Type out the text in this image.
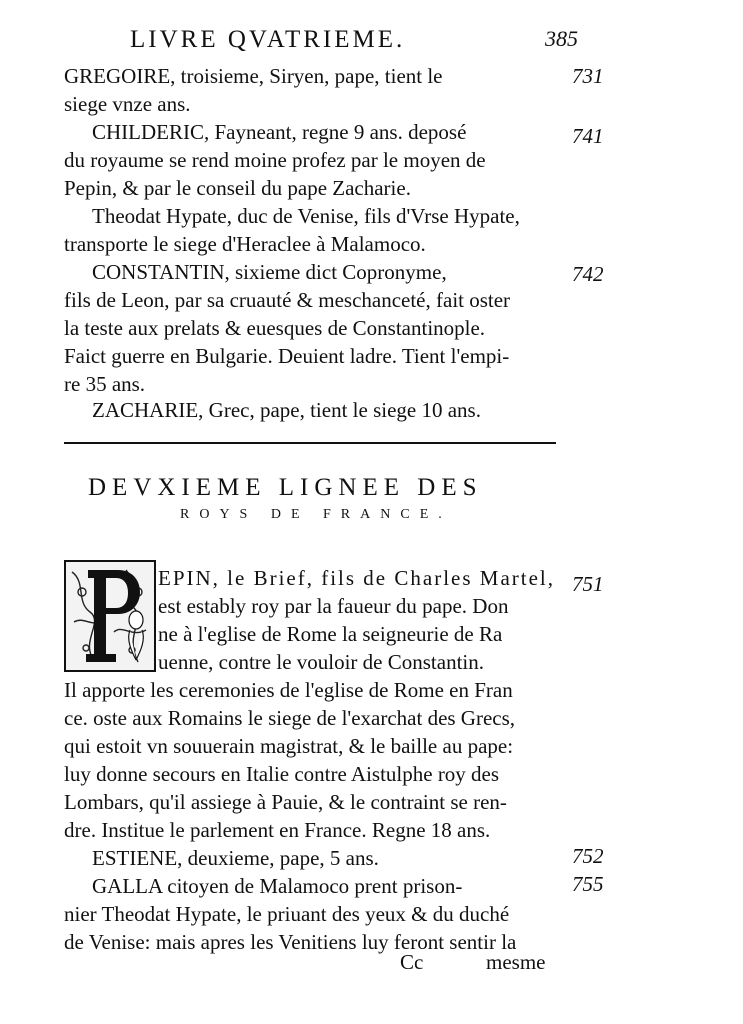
LIVRE QVATRIEME.	385
GREGOIRE, troisieme, Siryen, pape, tient le	731
siege vnze ans.
CHILDERIC, Fayneant, regne 9 ans. deposé	741
du royaume se rend moine profez par le moyen de
Pepin, & par le conseil du pape Zacharie.
Theodat Hypate, duc de Venise, fils d'Vrse Hypate,
transporte le siege d'Heraclee à Malamoco.
CONSTANTIN, sixieme dict Copronyme,	742
fils de Leon, par sa cruauté & meschanceté, fait oster
la teste aux prelats & euesques de Constantinople.
Faict guerre en Bulgarie. Deuient ladre. Tient l'empi-
re 35 ans.
ZACHARIE, Grec, pape, tient le siege 10 ans.
DEVXIEME LIGNEE DES
ROYS DE FRANCE.
EPIN, le Brief, fils de Charles Martel, 751
est estably roy par la faueur du pape. Don
ne à l'eglise de Rome la seigneurie de Ra
uenne, contre le vouloir de Constantin.
Il apporte les ceremonies de l'eglise de Rome en Fran
ce. oste aux Romains le siege de l'exarchat des Grecs,
qui estoit vn souuerain magistrat, & le baille au pape:
luy donne secours en Italie contre Aistulphe roy des
Lombars, qu'il assiege à Pauie, & le contraint se ren-
dre. Institue le parlement en France. Regne 18 ans.
ESTIENE, deuxieme, pape, 5 ans.	752
GALLA citoyen de Malamoco prent prison-	755
nier Theodat Hypate, le priuant des yeux & du duché
de Venise: mais apres les Venitiens luy feront sentir la
Cc	mesme
